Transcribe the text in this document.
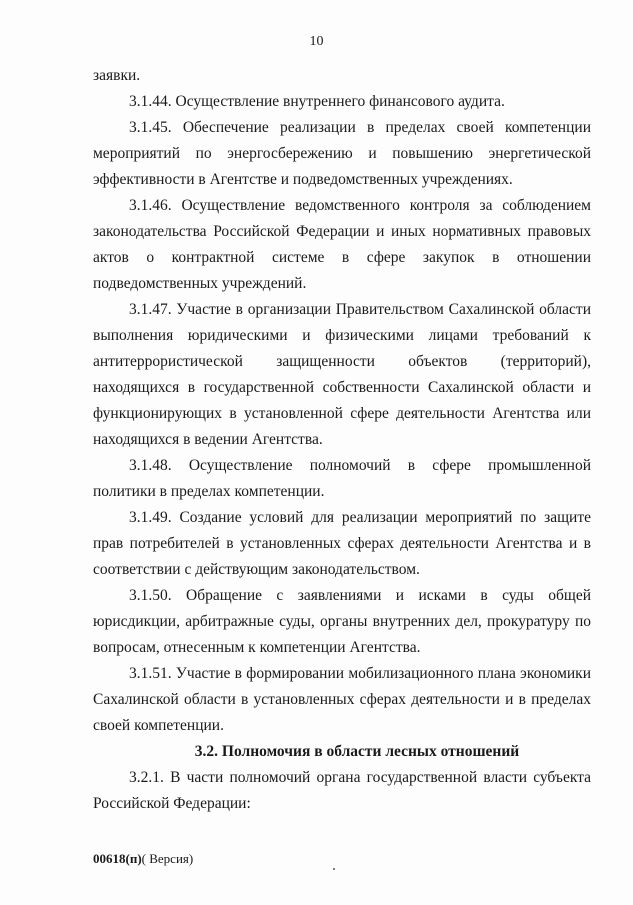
10

заявки.

3.1.44. Осуществление внутреннего финансового аудита.

3.1.45. Обеспечение реализации в пределах своей компетенции мероприятий по энергосбережению и повышению энергетической эффективности в Агентстве и подведомственных учреждениях.

3.1.46. Осуществление ведомственного контроля за соблюдением законодательства Российской Федерации и иных нормативных правовых актов о контрактной системе в сфере закупок в отношении подведомственных учреждений.

3.1.47. Участие в организации Правительством Сахалинской области выполнения юридическими и физическими лицами требований к антитеррористической защищенности объектов (территорий), находящихся в государственной собственности Сахалинской области и функционирующих в установленной сфере деятельности Агентства или находящихся в ведении Агентства.

3.1.48. Осуществление полномочий в сфере промышленной политики в пределах компетенции.

3.1.49. Создание условий для реализации мероприятий по защите прав потребителей в установленных сферах деятельности Агентства и в соответствии с действующим законодательством.

3.1.50. Обращение с заявлениями и исками в суды общей юрисдикции, арбитражные суды, органы внутренних дел, прокуратуру по вопросам, отнесенным к компетенции Агентства.

3.1.51. Участие в формировании мобилизационного плана экономики Сахалинской области в установленных сферах деятельности и в пределах своей компетенции.

3.2. Полномочия в области лесных отношений

3.2.1. В части полномочий органа государственной власти субъекта Российской Федерации:

00618(п)( Версия)
